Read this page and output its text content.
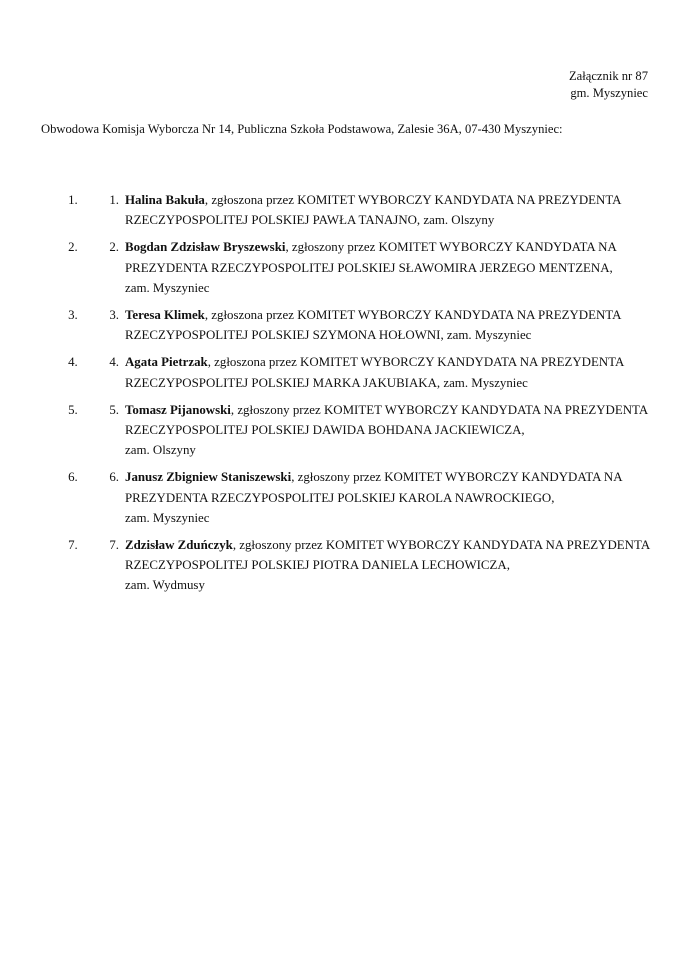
Załącznik nr 87
gm. Myszyniec
Obwodowa Komisja Wyborcza Nr 14, Publiczna Szkoła Podstawowa, Zalesie 36A, 07-430 Myszyniec:
1. 1. Halina Bakuła, zgłoszona przez KOMITET WYBORCZY KANDYDATA NA PREZYDENTA RZECZYPOSPOLITEJ POLSKIEJ PAWŁA TANAJNO, zam. Olszyny
2. 2. Bogdan Zdzisław Bryszewski, zgłoszony przez KOMITET WYBORCZY KANDYDATA NA PREZYDENTA RZECZYPOSPOLITEJ POLSKIEJ SŁAWOMIRA JERZEGO MENTZENA,
zam. Myszyniec
3. 3. Teresa Klimek, zgłoszona przez KOMITET WYBORCZY KANDYDATA NA PREZYDENTA RZECZYPOSPOLITEJ POLSKIEJ SZYMONA HOŁOWNI, zam. Myszyniec
4. 4. Agata Pietrzak, zgłoszona przez KOMITET WYBORCZY KANDYDATA NA PREZYDENTA RZECZYPOSPOLITEJ POLSKIEJ MARKA JAKUBIAKA, zam. Myszyniec
5. 5. Tomasz Pijanowski, zgłoszony przez KOMITET WYBORCZY KANDYDATA NA PREZYDENTA RZECZYPOSPOLITEJ POLSKIEJ DAWIDA BOHDANA JACKIEWICZA,
zam. Olszyny
6. 6. Janusz Zbigniew Staniszewski, zgłoszony przez KOMITET WYBORCZY KANDYDATA NA PREZYDENTA RZECZYPOSPOLITEJ POLSKIEJ KAROLA NAWROCKIEGO,
zam. Myszyniec
7. 7. Zdzisław Zduńczyk, zgłoszony przez KOMITET WYBORCZY KANDYDATA NA PREZYDENTA RZECZYPOSPOLITEJ POLSKIEJ PIOTRA DANIELA LECHOWICZA,
zam. Wydmusy
